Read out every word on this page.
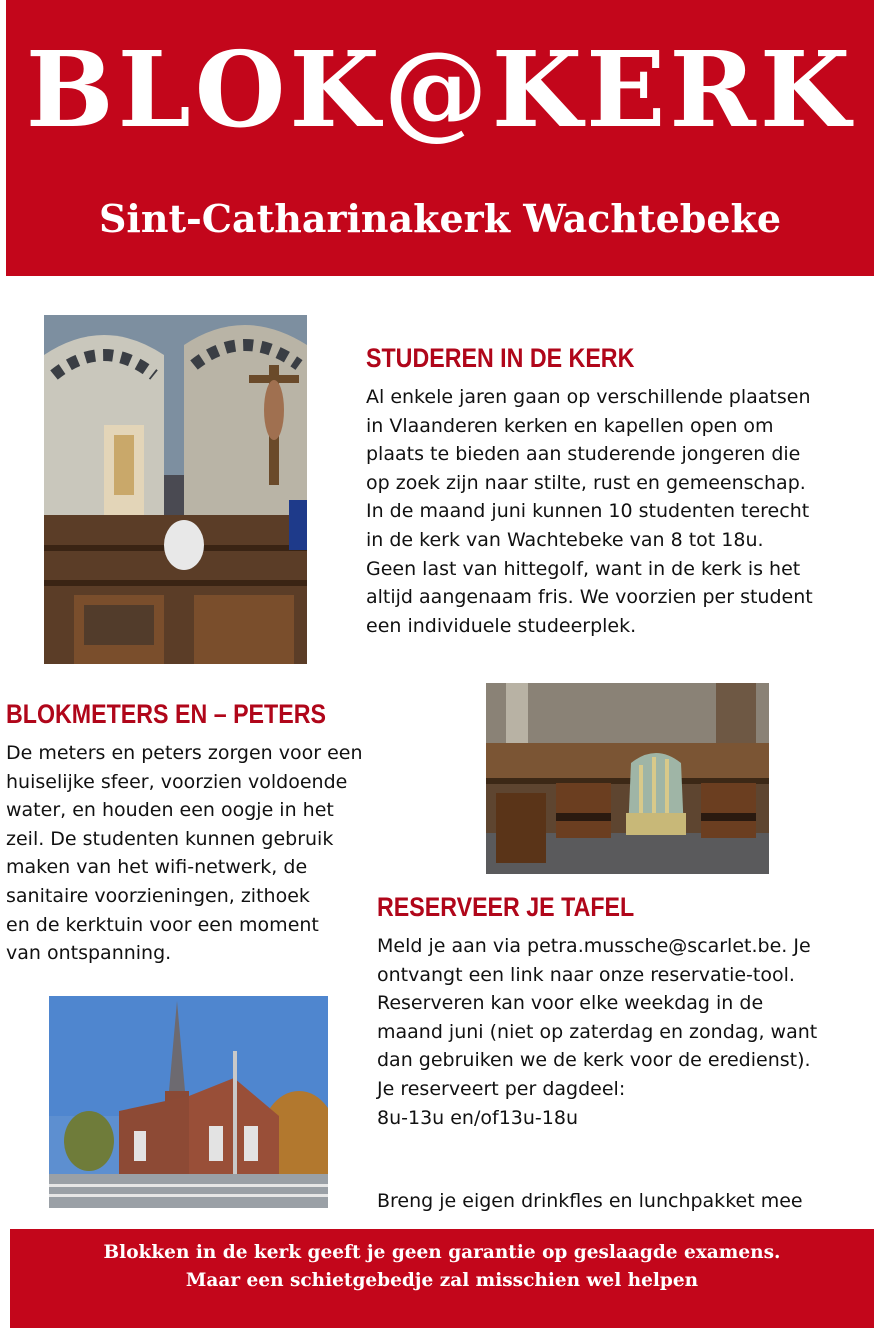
BLOK@KERK
Sint-Catharinakerk Wachtebeke
STUDEREN IN DE KERK
Al enkele jaren gaan op verschillende plaatsen
in Vlaanderen kerken en kapellen open om
plaats te bieden aan studerende jongeren die
op zoek zijn naar stilte, rust en gemeenschap.
In de maand juni kunnen 10 studenten terecht
in de kerk van Wachtebeke van 8 tot 18u.
Geen last van hittegolf, want in de kerk is het
altijd aangenaam fris. We voorzien per student
een individuele studeerplek.
BLOKMETERS EN – PETERS
De meters en peters zorgen voor een
huiselijke sfeer, voorzien voldoende
water, en houden een oogje in het
zeil. De studenten kunnen gebruik
maken van het wifi-netwerk, de
sanitaire voorzieningen, zithoek
en de kerktuin voor een moment
van ontspanning.
RESERVEER JE TAFEL
Meld je aan via petra.mussche@scarlet.be. Je
ontvangt een link naar onze reservatie-tool.
Reserveren kan voor elke weekdag in de
maand juni (niet op zaterdag en zondag, want
dan gebruiken we de kerk voor de eredienst).
Je reserveert per dagdeel:
8u-13u en/of13u-18u
Breng je eigen drinkfles en lunchpakket mee
Blokken in de kerk geeft je geen garantie op geslaagde examens.
Maar een schietgebedje zal misschien wel helpen
